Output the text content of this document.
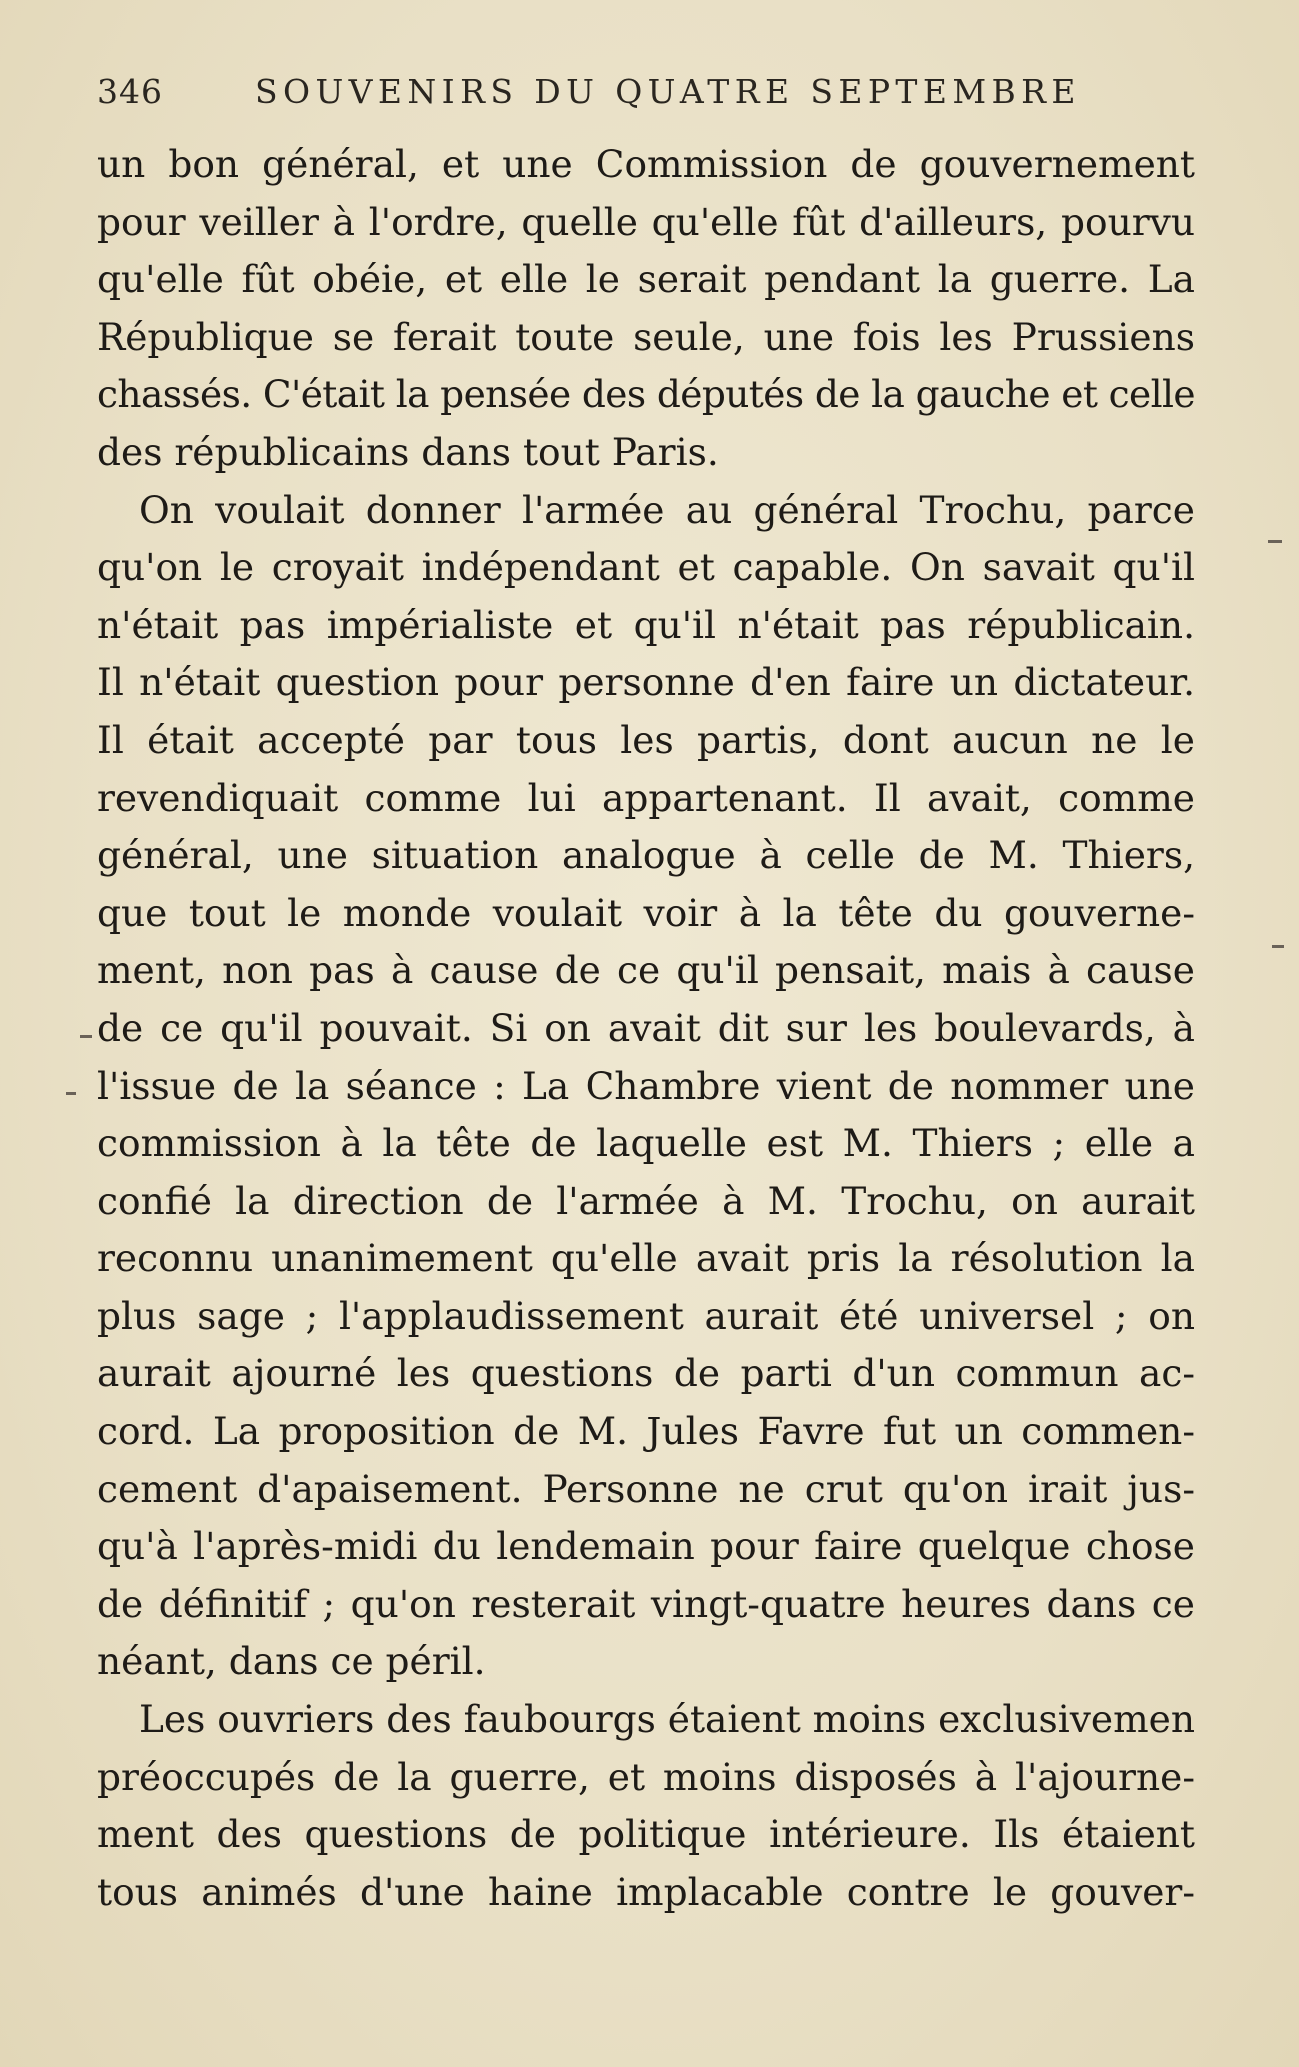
346	SOUVENIRS DU QUATRE SEPTEMBRE
un bon général, et une Commission de gouvernement
pour veiller à l'ordre, quelle qu'elle fût d'ailleurs, pourvu
qu'elle fût obéie, et elle le serait pendant la guerre. La
République se ferait toute seule, une fois les Prussiens
chassés. C'était la pensée des députés de la gauche et celle
des républicains dans tout Paris.
On voulait donner l'armée au général Trochu, parce
qu'on le croyait indépendant et capable. On savait qu'il
n'était pas impérialiste et qu'il n'était pas républicain.
Il n'était question pour personne d'en faire un dictateur.
Il était accepté par tous les partis, dont aucun ne le
revendiquait comme lui appartenant. Il avait, comme
général, une situation analogue à celle de M. Thiers,
que tout le monde voulait voir à la tête du gouverne-
ment, non pas à cause de ce qu'il pensait, mais à cause
de ce qu'il pouvait. Si on avait dit sur les boulevards, à
l'issue de la séance : La Chambre vient de nommer une
commission à la tête de laquelle est M. Thiers ; elle a
confié la direction de l'armée à M. Trochu, on aurait
reconnu unanimement qu'elle avait pris la résolution la
plus sage ; l'applaudissement aurait été universel ; on
aurait ajourné les questions de parti d'un commun ac-
cord. La proposition de M. Jules Favre fut un commen-
cement d'apaisement. Personne ne crut qu'on irait jus-
qu'à l'après-midi du lendemain pour faire quelque chose
de définitif ; qu'on resterait vingt-quatre heures dans ce
néant, dans ce péril.
Les ouvriers des faubourgs étaient moins exclusivemen
préoccupés de la guerre, et moins disposés à l'ajourne-
ment des questions de politique intérieure. Ils étaient
tous animés d'une haine implacable contre le gouver-
